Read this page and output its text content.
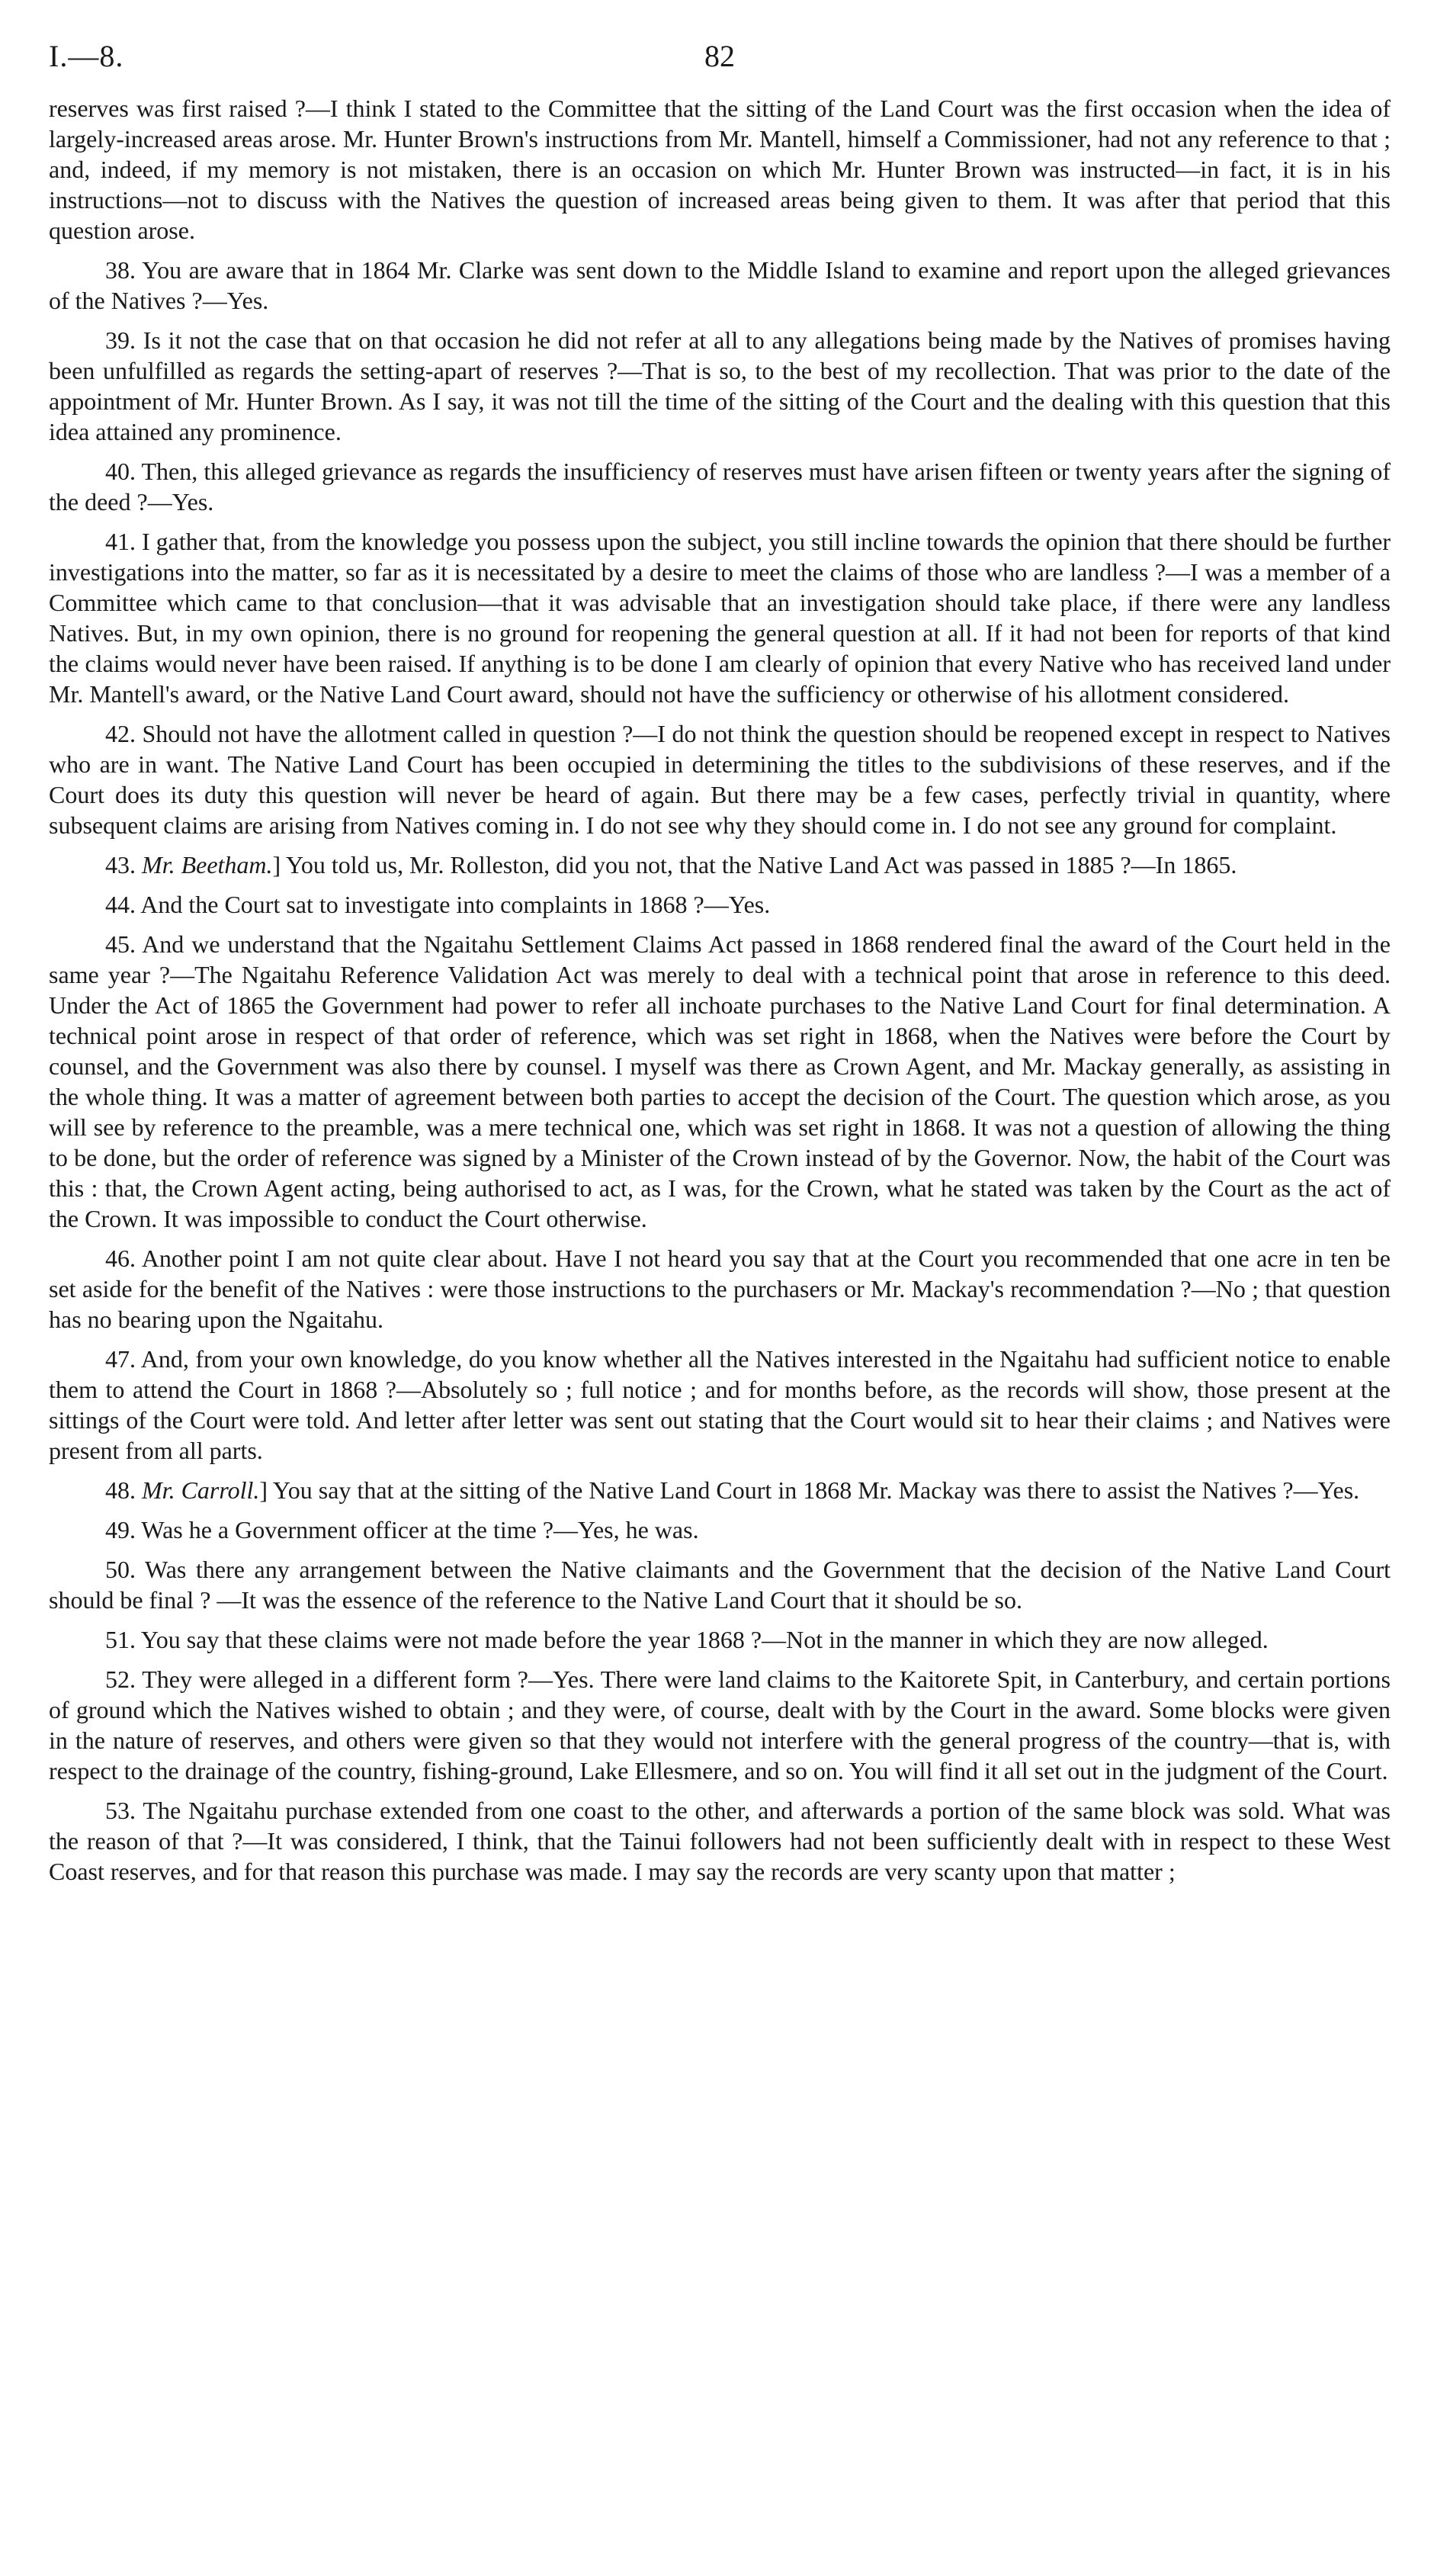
I.—8.	82

reserves was first raised ?—I think I stated to the Committee that the sitting of the Land Court was the first occasion when the idea of largely-increased areas arose. Mr. Hunter Brown's instructions from Mr. Mantell, himself a Commissioner, had not any reference to that ; and, indeed, if my memory is not mistaken, there is an occasion on which Mr. Hunter Brown was instructed—in fact, it is in his instructions—not to discuss with the Natives the question of increased areas being given to them. It was after that period that this question arose.

38. You are aware that in 1864 Mr. Clarke was sent down to the Middle Island to examine and report upon the alleged grievances of the Natives ?—Yes.

39. Is it not the case that on that occasion he did not refer at all to any allegations being made by the Natives of promises having been unfulfilled as regards the setting-apart of reserves ?—That is so, to the best of my recollection. That was prior to the date of the appointment of Mr. Hunter Brown. As I say, it was not till the time of the sitting of the Court and the dealing with this question that this idea attained any prominence.

40. Then, this alleged grievance as regards the insufficiency of reserves must have arisen fifteen or twenty years after the signing of the deed ?—Yes.

41. I gather that, from the knowledge you possess upon the subject, you still incline towards the opinion that there should be further investigations into the matter, so far as it is necessitated by a desire to meet the claims of those who are landless ?—I was a member of a Committee which came to that conclusion—that it was advisable that an investigation should take place, if there were any landless Natives. But, in my own opinion, there is no ground for reopening the general question at all. If it had not been for reports of that kind the claims would never have been raised. If anything is to be done I am clearly of opinion that every Native who has received land under Mr. Mantell's award, or the Native Land Court award, should not have the sufficiency or otherwise of his allotment considered.

42. Should not have the allotment called in question ?—I do not think the question should be reopened except in respect to Natives who are in want. The Native Land Court has been occupied in determining the titles to the subdivisions of these reserves, and if the Court does its duty this question will never be heard of again. But there may be a few cases, perfectly trivial in quantity, where subsequent claims are arising from Natives coming in. I do not see why they should come in. I do not see any ground for complaint.

43. Mr. Beetham.] You told us, Mr. Rolleston, did you not, that the Native Land Act was passed in 1885 ?—In 1865.

44. And the Court sat to investigate into complaints in 1868 ?—Yes.

45. And we understand that the Ngaitahu Settlement Claims Act passed in 1868 rendered final the award of the Court held in the same year ?—The Ngaitahu Reference Validation Act was merely to deal with a technical point that arose in reference to this deed. Under the Act of 1865 the Government had power to refer all inchoate purchases to the Native Land Court for final determination. A technical point arose in respect of that order of reference, which was set right in 1868, when the Natives were before the Court by counsel, and the Government was also there by counsel. I myself was there as Crown Agent, and Mr. Mackay generally, as assisting in the whole thing. It was a matter of agreement between both parties to accept the decision of the Court. The question which arose, as you will see by reference to the preamble, was a mere technical one, which was set right in 1868. It was not a question of allowing the thing to be done, but the order of reference was signed by a Minister of the Crown instead of by the Governor. Now, the habit of the Court was this : that, the Crown Agent acting, being authorised to act, as I was, for the Crown, what he stated was taken by the Court as the act of the Crown. It was impossible to conduct the Court otherwise.

46. Another point I am not quite clear about. Have I not heard you say that at the Court you recommended that one acre in ten be set aside for the benefit of the Natives : were those instructions to the purchasers or Mr. Mackay's recommendation ?—No ; that question has no bearing upon the Ngaitahu.

47. And, from your own knowledge, do you know whether all the Natives interested in the Ngaitahu had sufficient notice to enable them to attend the Court in 1868 ?—Absolutely so ; full notice ; and for months before, as the records will show, those present at the sittings of the Court were told. And letter after letter was sent out stating that the Court would sit to hear their claims ; and Natives were present from all parts.

48. Mr. Carroll.] You say that at the sitting of the Native Land Court in 1868 Mr. Mackay was there to assist the Natives ?—Yes.

49. Was he a Government officer at the time ?—Yes, he was.

50. Was there any arrangement between the Native claimants and the Government that the decision of the Native Land Court should be final ? —It was the essence of the reference to the Native Land Court that it should be so.

51. You say that these claims were not made before the year 1868 ?—Not in the manner in which they are now alleged.

52. They were alleged in a different form ?—Yes. There were land claims to the Kaitorete Spit, in Canterbury, and certain portions of ground which the Natives wished to obtain ; and they were, of course, dealt with by the Court in the award. Some blocks were given in the nature of reserves, and others were given so that they would not interfere with the general progress of the country—that is, with respect to the drainage of the country, fishing-ground, Lake Ellesmere, and so on. You will find it all set out in the judgment of the Court.

53. The Ngaitahu purchase extended from one coast to the other, and afterwards a portion of the same block was sold. What was the reason of that ?—It was considered, I think, that the Tainui followers had not been sufficiently dealt with in respect to these West Coast reserves, and for that reason this purchase was made. I may say the records are very scanty upon that matter ;
